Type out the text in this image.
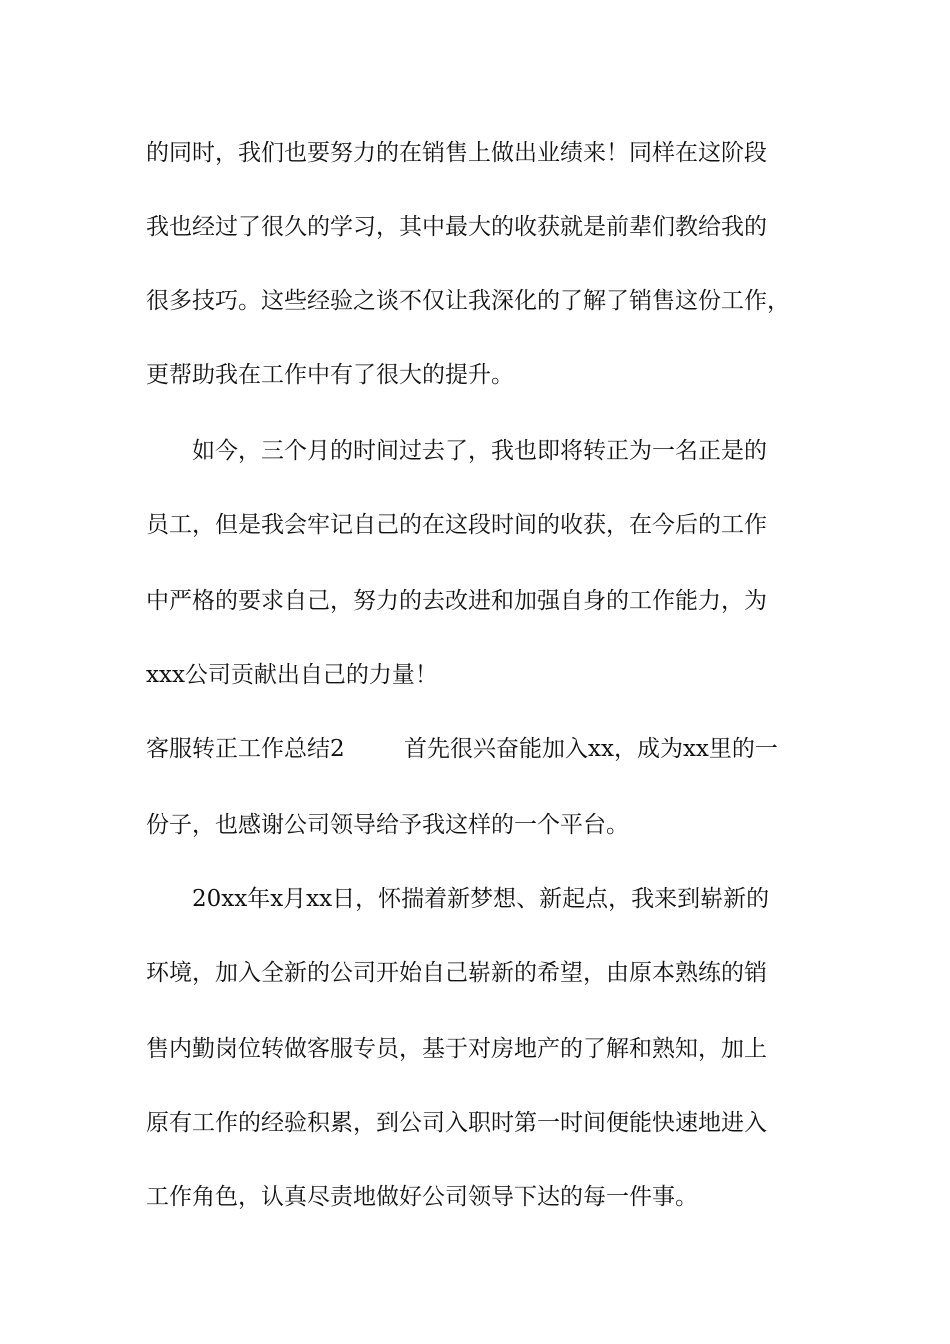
的同时，我们也要努力的在销售上做出业绩来！同样在这阶段
我也经过了很久的学习，其中最大的收获就是前辈们教给我的
很多技巧。这些经验之谈不仅让我深化的了解了销售这份工作，
更帮助我在工作中有了很大的提升。
如今，三个月的时间过去了，我也即将转正为一名正是的
员工，但是我会牢记自己的在这段时间的收获，在今后的工作
中严格的要求自己，努力的去改进和加强自身的工作能力，为
xxx公司贡献出自己的力量！
客服转正工作总结2	首先很兴奋能加入xx，成为xx里的一
份子，也感谢公司领导给予我这样的一个平台。
20xx年x月xx日，怀揣着新梦想、新起点，我来到崭新的
环境，加入全新的公司开始自己崭新的希望，由原本熟练的销
售内勤岗位转做客服专员，基于对房地产的了解和熟知，加上
原有工作的经验积累，到公司入职时第一时间便能快速地进入
工作角色，认真尽责地做好公司领导下达的每一件事。
